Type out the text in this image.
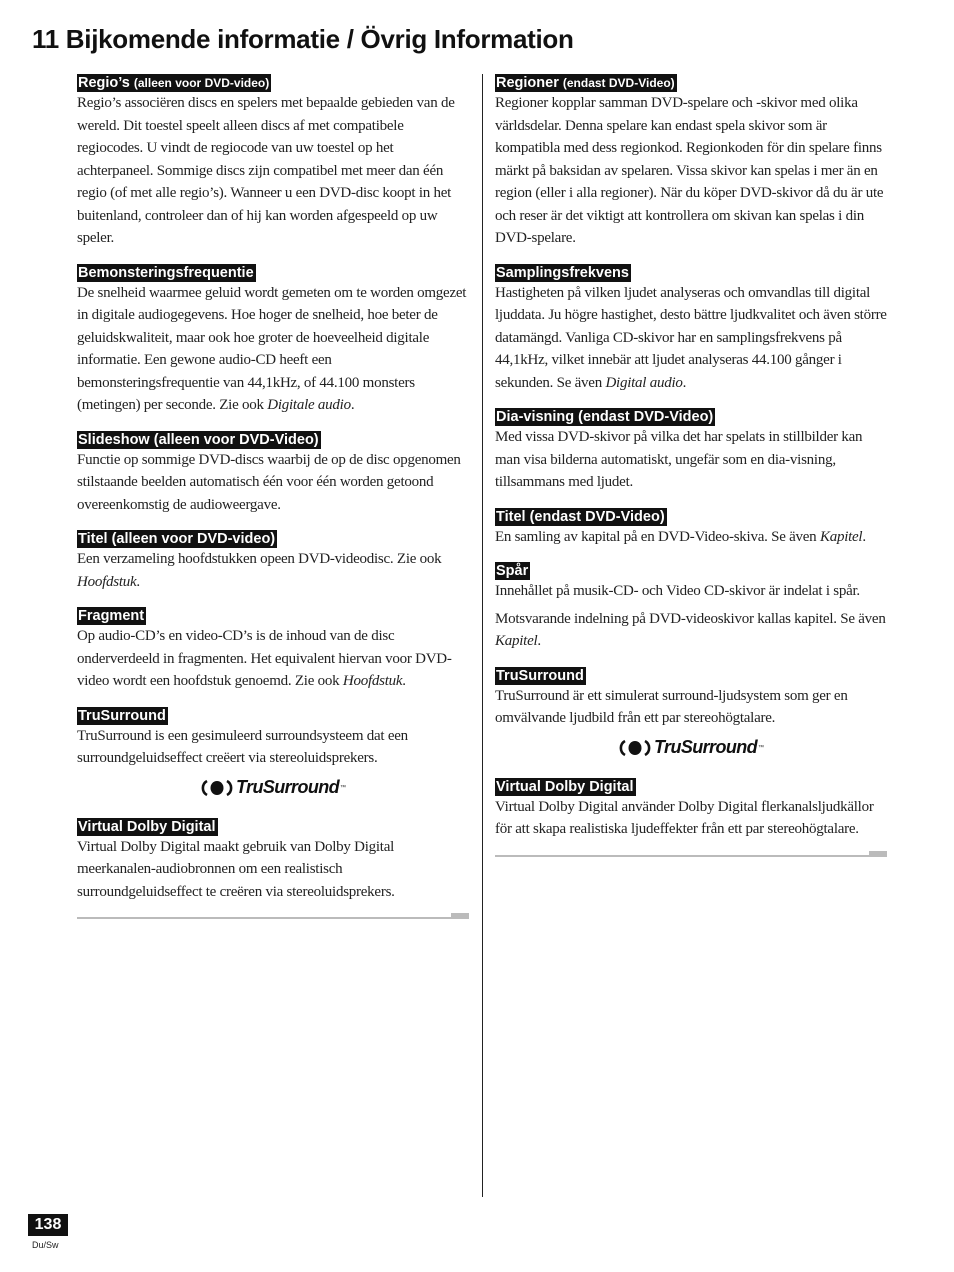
11 Bijkomende informatie / Övrig Information
Regio’s (alleen voor DVD-video)

Regio’s associëren discs en spelers met bepaalde gebieden van de wereld. Dit toestel speelt alleen discs af met compatibele regiocodes. U vindt de regiocode van uw toestel op het achterpaneel. Sommige discs zijn compatibel met meer dan één regio (of met alle regio’s). Wanneer u een DVD-disc koopt in het buitenland, controleer dan of hij kan worden afgespeeld op uw speler.

Bemonsteringsfrequentie

De snelheid waarmee geluid wordt gemeten om te worden omgezet in digitale audiogegevens. Hoe hoger de snelheid, hoe beter de geluidskwaliteit, maar ook hoe groter de hoeveelheid digitale informatie. Een gewone audio-CD heeft een bemonsteringsfrequentie van 44,1kHz, of 44.100 monsters (metingen) per seconde. Zie ook Digitale audio.

Slideshow (alleen voor DVD-Video)

Functie op sommige DVD-discs waarbij de op de disc opgenomen stilstaande beelden automatisch één voor één worden getoond overeenkomstig de audioweergave.

Titel (alleen voor DVD-video)

Een verzameling hoofdstukken opeen DVD-videodisc. Zie ook Hoofdstuk.

Fragment

Op audio-CD’s en video-CD’s is de inhoud van de disc onderverdeeld in fragmenten. Het equivalent hiervan voor DVD-video wordt een hoofdstuk genoemd. Zie ook Hoofdstuk.

TruSurround

TruSurround is een gesimuleerd surroundsysteem dat een surroundgeluidseffect creëert via stereoluidsprekers.

TruSurround ™
Virtual Dolby Digital

Virtual Dolby Digital maakt gebruik van Dolby Digital meerkanalen-audiobronnen om een realistisch surroundgeluidseffect te creëren via stereoluidsprekers.

Regioner (endast DVD-Video)

Regioner kopplar samman DVD-spelare och -skivor med olika världsdelar. Denna spelare kan endast spela skivor som är kompatibla med dess regionkod. Regionkoden för din spelare finns märkt på baksidan av spelaren. Vissa skivor kan spelas i mer än en region (eller i alla regioner). När du köper DVD-skivor då du är ute och reser är det viktigt att kontrollera om skivan kan spelas i din DVD-spelare.

Samplingsfrekvens

Hastigheten på vilken ljudet analyseras och omvandlas till digital ljuddata. Ju högre hastighet, desto bättre ljudkvalitet och även större datamängd. Vanliga CD-skivor har en samplingsfrekvens på 44,1kHz, vilket innebär att ljudet analyseras 44.100 gånger i sekunden. Se även Digital audio.

Dia-visning (endast DVD-Video)

Med vissa DVD-skivor på vilka det har spelats in stillbilder kan man visa bilderna automatiskt, ungefär som en dia-visning, tillsammans med ljudet.

Titel (endast DVD-Video)

En samling av kapital på en DVD-Video-skiva. Se även Kapitel.

Spår

Innehållet på musik-CD- och Video CD-skivor är indelat i spår.

Motsvarande indelning på DVD-videoskivor kallas kapitel. Se även Kapitel.

TruSurround

TruSurround är ett simulerat surround-ljudsystem som ger en omvälvande ljudbild från ett par stereohögtalare.

TruSurround ™
Virtual Dolby Digital

Virtual Dolby Digital använder Dolby Digital flerkanalsljudkällor för att skapa realistiska ljudeffekter från ett par stereohögtalare.

138
Du/Sw
